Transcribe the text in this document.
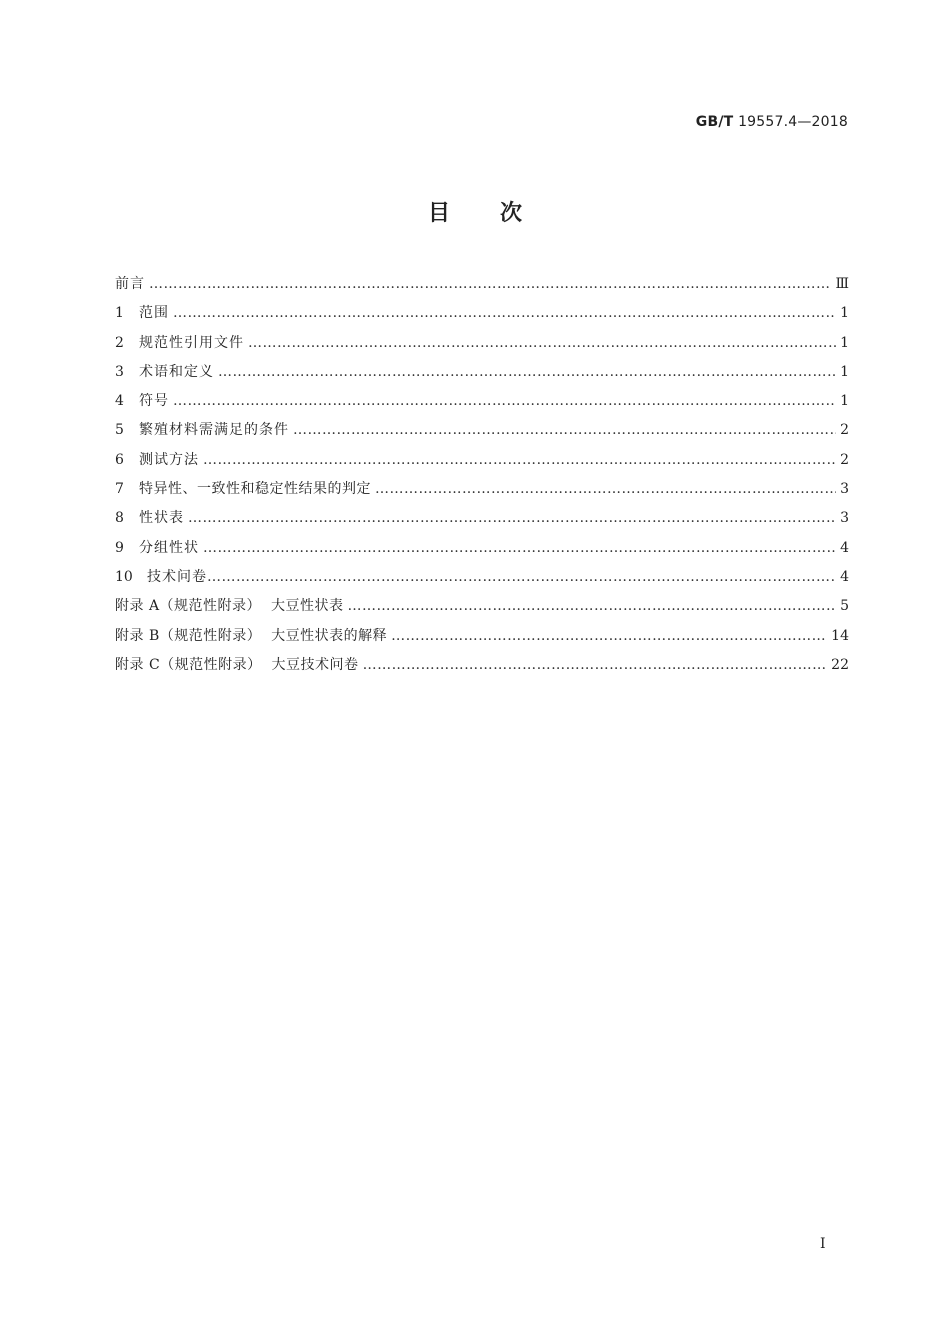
GB/T 19557.4—2018
目 次
前言 ………………………………………………………………………………………………………………………………………………………………………………………………	Ⅲ
1	范围 ………………………………………………………………………………………………………………………………………………………………………………………………	1
2	规范性引用文件 ………………………………………………………………………………………………………………………………………………………………………………………………	1
3	术语和定义 ………………………………………………………………………………………………………………………………………………………………………………………………	1
4	符号 ………………………………………………………………………………………………………………………………………………………………………………………………	1
5	繁殖材料需满足的条件 ………………………………………………………………………………………………………………………………………………………………………………………………	2
6	测试方法 ………………………………………………………………………………………………………………………………………………………………………………………………	2
7	特异性、一致性和稳定性结果的判定 ………………………………………………………………………………………………………………………………………………………………………………………………	3
8	性状表 ………………………………………………………………………………………………………………………………………………………………………………………………	3
9	分组性状 ………………………………………………………………………………………………………………………………………………………………………………………………	4
10	技术问卷 ………………………………………………………………………………………………………………………………………………………………………………………………	4
附录 A（规范性附录）  大豆性状表 ………………………………………………………………………………………………………………………………………………………………………………………………	5
附录 B（规范性附录）  大豆性状表的解释 ………………………………………………………………………………………………………………………………………………………………………………………………	14
附录 C（规范性附录）  大豆技术问卷 ………………………………………………………………………………………………………………………………………………………………………………………………	22
Ⅰ
